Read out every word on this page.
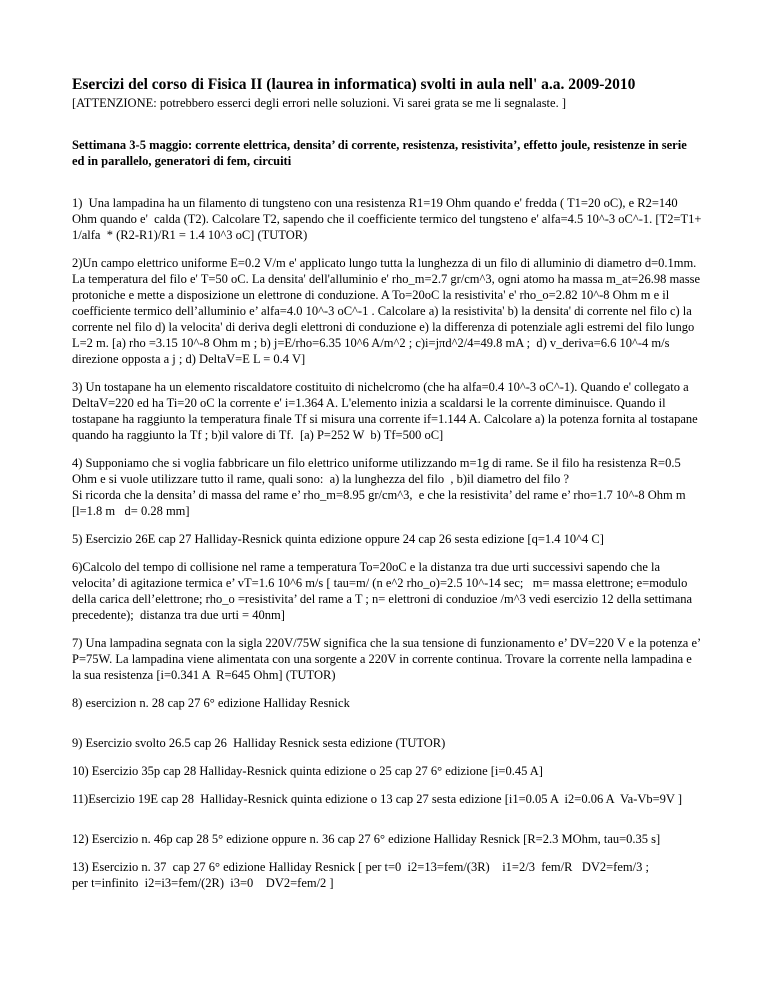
Esercizi del corso di Fisica II (laurea in informatica) svolti in aula nell' a.a. 2009-2010

[ATTENZIONE: potrebbero esserci degli errori nelle soluzioni. Vi sarei grata se me li segnalaste. ]

Settimana 3-5 maggio: corrente elettrica, densita’ di corrente, resistenza, resistivita’, effetto joule, resistenze in serie ed in parallelo, generatori di fem, circuiti

1)  Una lampadina ha un filamento di tungsteno con una resistenza R1=19 Ohm quando e' fredda ( T1=20 oC), e R2=140 Ohm quando e'  calda (T2). Calcolare T2, sapendo che il coefficiente termico del tungsteno e' alfa=4.5 10^-3 oC^-1. [T2=T1+  1/alfa  * (R2-R1)/R1 = 1.4 10^3 oC] (TUTOR)

2)Un campo elettrico uniforme E=0.2 V/m e' applicato lungo tutta la lunghezza di un filo di alluminio di diametro d=0.1mm. La temperatura del filo e' T=50 oC. La densita' dell'alluminio e' rho_m=2.7 gr/cm^3, ogni atomo ha massa m_at=26.98 masse protoniche e mette a disposizione un elettrone di conduzione. A To=20oC la resistivita' e' rho_o=2.82 10^-8 Ohm m e il coefficiente termico dell’alluminio e’ alfa=4.0 10^-3 oC^-1 . Calcolare a) la resistivita' b) la densita' di corrente nel filo c) la corrente nel filo d) la velocita' di deriva degli elettroni di conduzione e) la differenza di potenziale agli estremi del filo lungo L=2 m. [a) rho =3.15 10^-8 Ohm m ; b) j=E/rho=6.35 10^6 A/m^2 ; c)i=jπd^2/4=49.8 mA ;  d) v_deriva=6.6 10^-4 m/s direzione opposta a j ; d) DeltaV=E L = 0.4 V]

3) Un tostapane ha un elemento riscaldatore costituito di nichelcromo (che ha alfa=0.4 10^-3 oC^-1). Quando e' collegato a DeltaV=220 ed ha Ti=20 oC la corrente e' i=1.364 A. L'elemento inizia a scaldarsi le la corrente diminuisce. Quando il tostapane ha raggiunto la temperatura finale Tf si misura una corrente if=1.144 A. Calcolare a) la potenza fornita al tostapane quando ha raggiunto la Tf ; b)il valore di Tf.  [a) P=252 W  b) Tf=500 oC]

4) Supponiamo che si voglia fabbricare un filo elettrico uniforme utilizzando m=1g di rame. Se il filo ha resistenza R=0.5 Ohm e si vuole utilizzare tutto il rame, quali sono:  a) la lunghezza del filo  , b)il diametro del filo ?
Si ricorda che la densita’ di massa del rame e’ rho_m=8.95 gr/cm^3,  e che la resistivita’ del rame e’ rho=1.7 10^-8 Ohm m [l=1.8 m   d= 0.28 mm]

5) Esercizio 26E cap 27 Halliday-Resnick quinta edizione oppure 24 cap 26 sesta edizione [q=1.4 10^4 C]

6)Calcolo del tempo di collisione nel rame a temperatura To=20oC e la distanza tra due urti successivi sapendo che la velocita’ di agitazione termica e’ vT=1.6 10^6 m/s [ tau=m/ (n e^2 rho_o)=2.5 10^-14 sec;   m= massa elettrone; e=modulo della carica dell’elettrone; rho_o =resistivita’ del rame a T ; n= elettroni di conduzioe /m^3 vedi esercizio 12 della settimana precedente);  distanza tra due urti = 40nm]

7) Una lampadina segnata con la sigla 220V/75W significa che la sua tensione di funzionamento e’ DV=220 V e la potenza e’ P=75W. La lampadina viene alimentata con una sorgente a 220V in corrente continua. Trovare la corrente nella lampadina e la sua resistenza [i=0.341 A  R=645 Ohm] (TUTOR)

8) esercizion n. 28 cap 27 6° edizione Halliday Resnick

9) Esercizio svolto 26.5 cap 26  Halliday Resnick sesta edizione (TUTOR)

10) Esercizio 35p cap 28 Halliday-Resnick quinta edizione o 25 cap 27 6° edizione [i=0.45 A]

11)Esercizio 19E cap 28  Halliday-Resnick quinta edizione o 13 cap 27 sesta edizione [i1=0.05 A  i2=0.06 A  Va-Vb=9V ]

12) Esercizio n. 46p cap 28 5° edizione oppure n. 36 cap 27 6° edizione Halliday Resnick [R=2.3 MOhm, tau=0.35 s]

13) Esercizio n. 37  cap 27 6° edizione Halliday Resnick [ per t=0  i2=13=fem/(3R)    i1=2/3  fem/R   DV2=fem/3 ;
per t=infinito  i2=i3=fem/(2R)  i3=0    DV2=fem/2 ]
